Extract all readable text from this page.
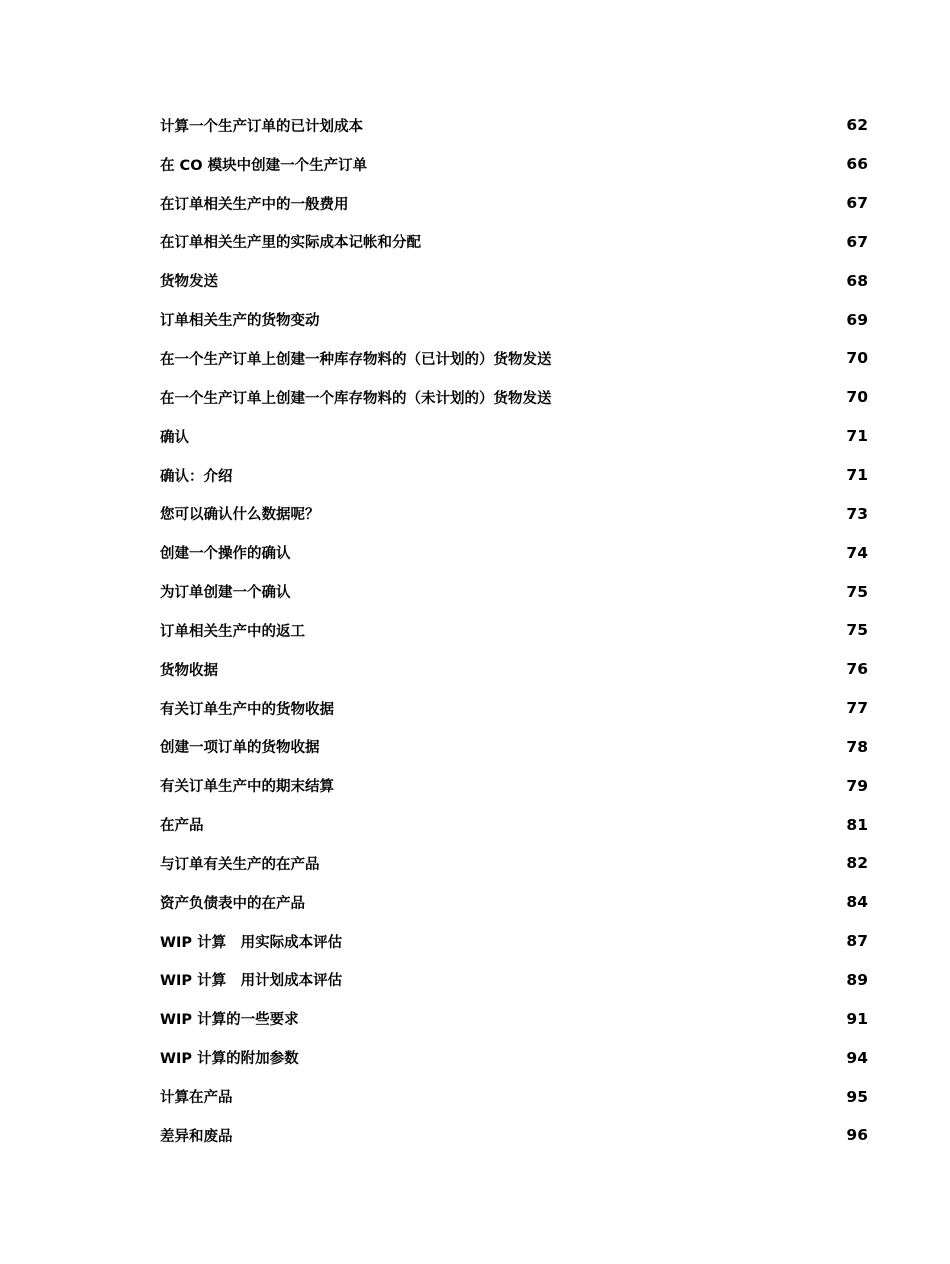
计算一个生产订单的已计划成本	62
在 CO 模块中创建一个生产订单	66
在订单相关生产中的一般费用	67
在订单相关生产里的实际成本记帐和分配	67
货物发送	68
订单相关生产的货物变动	69
在一个生产订单上创建一种库存物料的（已计划的）货物发送	70
在一个生产订单上创建一个库存物料的（未计划的）货物发送	70
确认	71
确认：介绍	71
您可以确认什么数据呢？	73
创建一个操作的确认	74
为订单创建一个确认	75
订单相关生产中的返工	75
货物收据	76
有关订单生产中的货物收据	77
创建一项订单的货物收据	78
有关订单生产中的期末结算	79
在产品	81
与订单有关生产的在产品	82
资产负债表中的在产品	84
WIP 计算　用实际成本评估	87
WIP 计算　用计划成本评估	89
WIP 计算的一些要求	91
WIP 计算的附加参数	94
计算在产品	95
差异和废品	96
